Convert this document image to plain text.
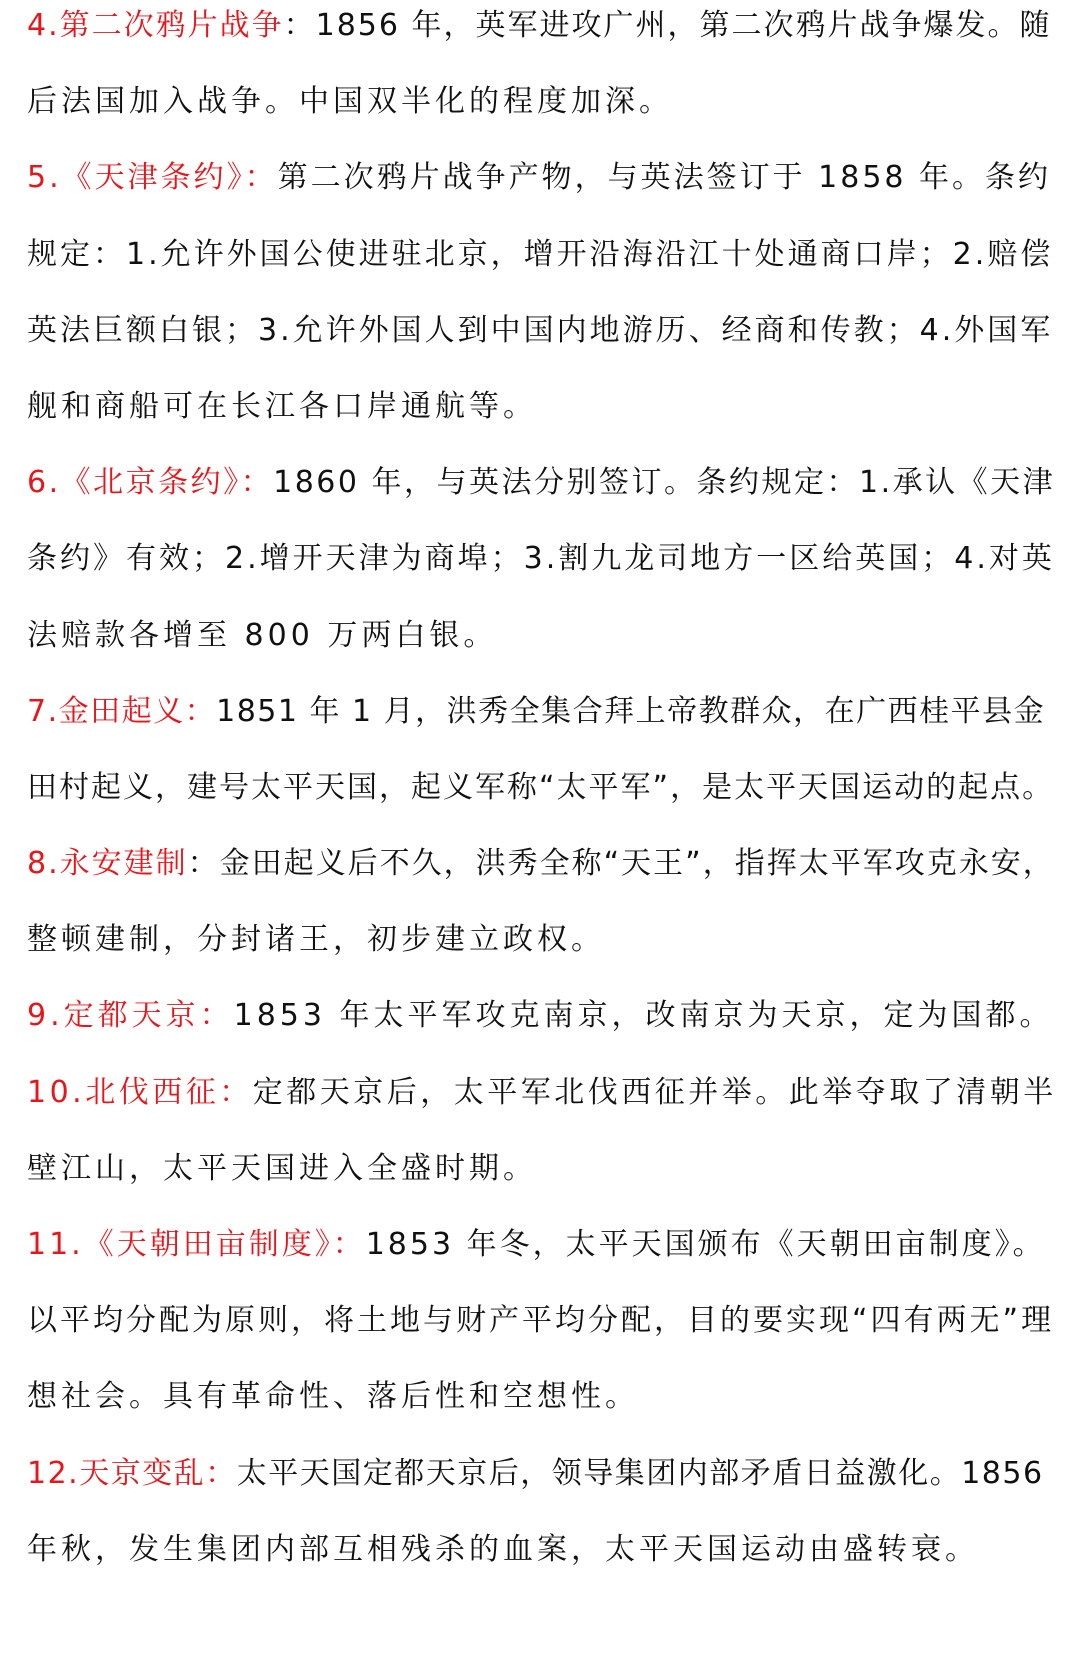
4.第二次鸦片战争：1856 年，英军进攻广州，第二次鸦片战争爆发。随
后法国加入战争。中国双半化的程度加深。
5.《天津条约》：第二次鸦片战争产物，与英法签订于 1858 年。条约
规定：1.允许外国公使进驻北京，增开沿海沿江十处通商口岸；2.赔偿
英法巨额白银；3.允许外国人到中国内地游历、经商和传教；4.外国军
舰和商船可在长江各口岸通航等。
6.《北京条约》：1860 年，与英法分别签订。条约规定：1.承认《天津
条约》有效；2.增开天津为商埠；3.割九龙司地方一区给英国；4.对英
法赔款各增至 800 万两白银。
7.金田起义：1851 年 1 月，洪秀全集合拜上帝教群众，在广西桂平县金
田村起义，建号太平天国，起义军称“太平军”，是太平天国运动的起点。
8.永安建制：金田起义后不久，洪秀全称“天王”，指挥太平军攻克永安，
整顿建制，分封诸王，初步建立政权。
9.定都天京：1853 年太平军攻克南京，改南京为天京，定为国都。
10.北伐西征：定都天京后，太平军北伐西征并举。此举夺取了清朝半
壁江山，太平天国进入全盛时期。
11.《天朝田亩制度》：1853 年冬，太平天国颁布《天朝田亩制度》。
以平均分配为原则，将土地与财产平均分配，目的要实现“四有两无”理
想社会。具有革命性、落后性和空想性。
12.天京变乱：太平天国定都天京后，领导集团内部矛盾日益激化。1856
年秋，发生集团内部互相残杀的血案，太平天国运动由盛转衰。
